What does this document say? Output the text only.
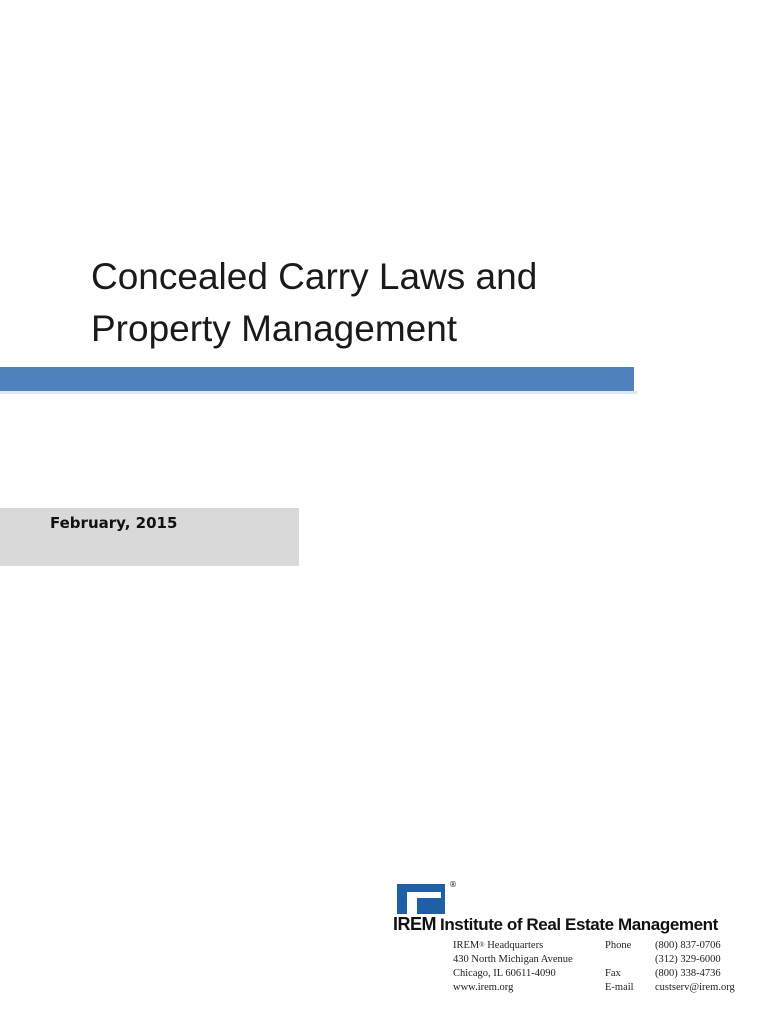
Concealed Carry Laws and
Property Management
February, 2015
®
IREM Institute of Real Estate Management
IREM® Headquarters
430 North Michigan Avenue
Chicago, IL 60611-4090
www.irem.org
Phone

Fax
E-mail
(800) 837-0706
(312) 329-6000
(800) 338-4736
custserv@irem.org
